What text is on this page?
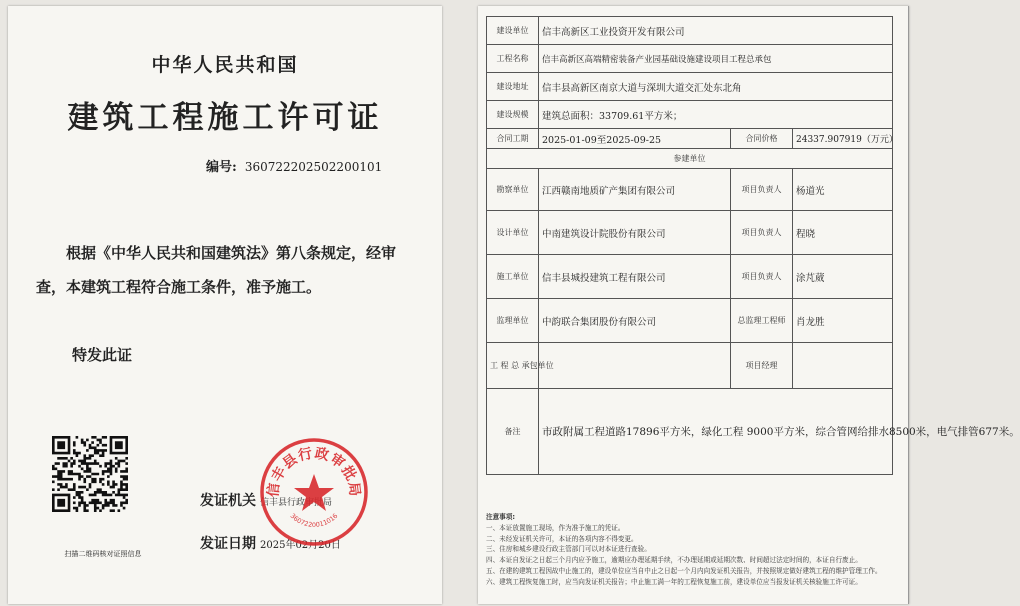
中华人民共和国
建筑工程施工许可证
编号: 360722202502200101
根据《中华人民共和国建筑法》第八条规定，经审查，本建筑工程符合施工条件，准予施工。
特发此证
扫描二维码核对证照信息
发证机关 信丰县行政审批局
发证日期 2025年02月20日
信丰县行政审批局
3607220011016
建设单位	信丰高新区工业投资开发有限公司		
工程名称	信丰高新区高端精密装备产业园基础设施建设项目工程总承包		
建设地址	信丰县高新区南京大道与深圳大道交汇处东北角		
建设规模	建筑总面积：33709.61平方米；		
合同工期	2025-01-09至2025-09-25	合同价格	24337.907919（万元）
参建单位			
勘察单位	江西赣南地质矿产集团有限公司	项目负责人	杨道光
设计单位	中南建筑设计院股份有限公司	项目负责人	程晓
施工单位	信丰县城投建筑工程有限公司	项目负责人	涂芃葳
监理单位	中韵联合集团股份有限公司	总监理工程师	肖龙胜
工 程 总 承包单位		项目经理	
备注	市政附属工程道路17896平方米，绿化工程 9000平方米，综合管网给排水8500米，电气排管677米。		
注意事项:
一、本证放置施工现场，作为准予施工的凭证。
二、未经发证机关许可，本证的各项内容不得变更。
三、住房和城乡建设行政主管部门可以对本证进行查验。
四、本证自发证之日起三个月内应予施工，逾期应办理延期手续，不办理延期或延期次数、时间超过法定时间的，本证自行废止。
五、在建的建筑工程因故中止施工的，建设单位应当自中止之日起一个月内向发证机关报告，并按照规定做好建筑工程的维护管理工作。
六、建筑工程恢复施工时，应当向发证机关报告；中止施工满一年的工程恢复施工前，建设单位应当报发证机关核验施工许可证。
